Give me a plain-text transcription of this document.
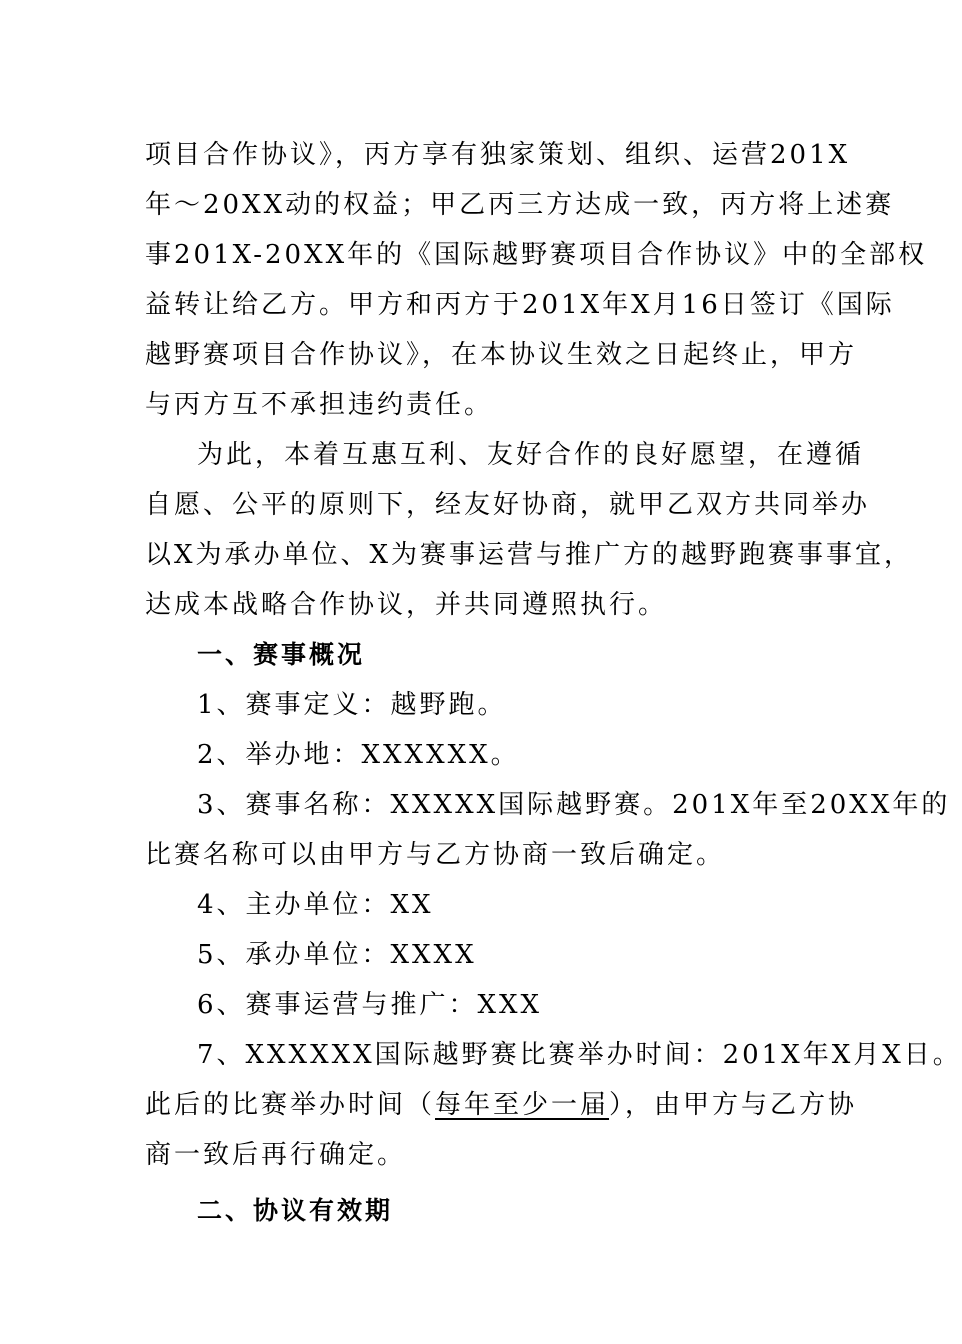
项目合作协议》，丙方享有独家策划、组织、运营201X
年～20XX动的权益；甲乙丙三方达成一致，丙方将上述赛
事201X-20XX年的《国际越野赛项目合作协议》中的全部权
益转让给乙方。甲方和丙方于201X年X月16日签订《国际
越野赛项目合作协议》，在本协议生效之日起终止，甲方
与丙方互不承担违约责任。
为此，本着互惠互利、友好合作的良好愿望，在遵循
自愿、公平的原则下，经友好协商，就甲乙双方共同举办
以X为承办单位、X为赛事运营与推广方的越野跑赛事事宜，
达成本战略合作协议，并共同遵照执行。
一、赛事概况
1、赛事定义：越野跑。
2、举办地：XXXXXX。
3、赛事名称：XXXXX国际越野赛。201X年至20XX年的
比赛名称可以由甲方与乙方协商一致后确定。
4、主办单位：XX
5、承办单位：XXXX
6、赛事运营与推广：XXX
7、XXXXXX国际越野赛比赛举办时间：201X年X月X日。
此后的比赛举办时间（每年至少一届），由甲方与乙方协
商一致后再行确定。
二、协议有效期
